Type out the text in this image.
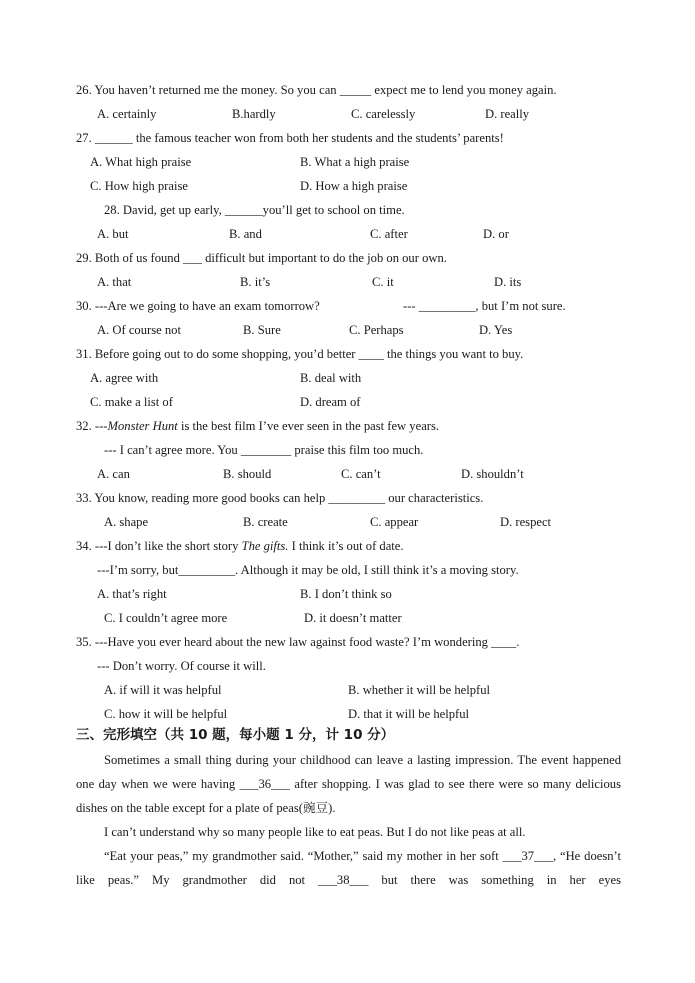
26. You haven’t returned me the money. So you can _____ expect me to lend you money again.
A. certainly	B.hardly	C. carelessly	D. really
27. ______ the famous teacher won from both her students and the students’ parents!
A. What high praise	B. What a high praise
C. How high praise	D. How a high praise
28. David, get up early, ______you’ll get to school on time.
A. but	B. and	C. after	D. or
29. Both of us found ___ difficult but important to do the job on our own.
A. that	B. it’s	C. it	D. its
30. ---Are we going to have an exam tomorrow?	--- _________, but I’m not sure.
A. Of course not	B. Sure	C. Perhaps	D. Yes
31. Before going out to do some shopping, you’d better ____ the things you want to buy.
A. agree with	B. deal with
C. make a list of	D. dream of
32. ---Monster Hunt is the best film I’ve ever seen in the past few years.
--- I can’t agree more. You ________ praise this film too much.
A. can	B. should	C. can’t	D. shouldn’t
33. You know, reading more good books can help _________ our characteristics.
A. shape	B. create	C. appear	D. respect
34. ---I don’t like the short story The gifts. I think it’s out of date.
---I’m sorry, but_________. Although it may be old, I still think it’s a moving story.
A. that’s right	B. I don’t think so
C. I couldn’t agree more	D. it doesn’t matter
35. ---Have you ever heard about the new law against food waste? I’m wondering ____.
--- Don’t worry. Of course it will.
A. if will it was helpful	B. whether it will be helpful
C. how it will be helpful	D. that it will be helpful
三、完形填空（共 10 题，每小题 1 分，计 10 分）
Sometimes a small thing during your childhood can leave a lasting impression. The event happened one day when we were having ___36___ after shopping. I was glad to see there were so many delicious dishes on the table except for a plate of peas(豌豆).
I can’t understand why so many people like to eat peas. But I do not like peas at all.
“Eat your peas,” my grandmother said. “Mother,” said my mother in her soft ___37___, “He doesn’t like peas.” My grandmother did not ___38___ but there was something in her eyes
